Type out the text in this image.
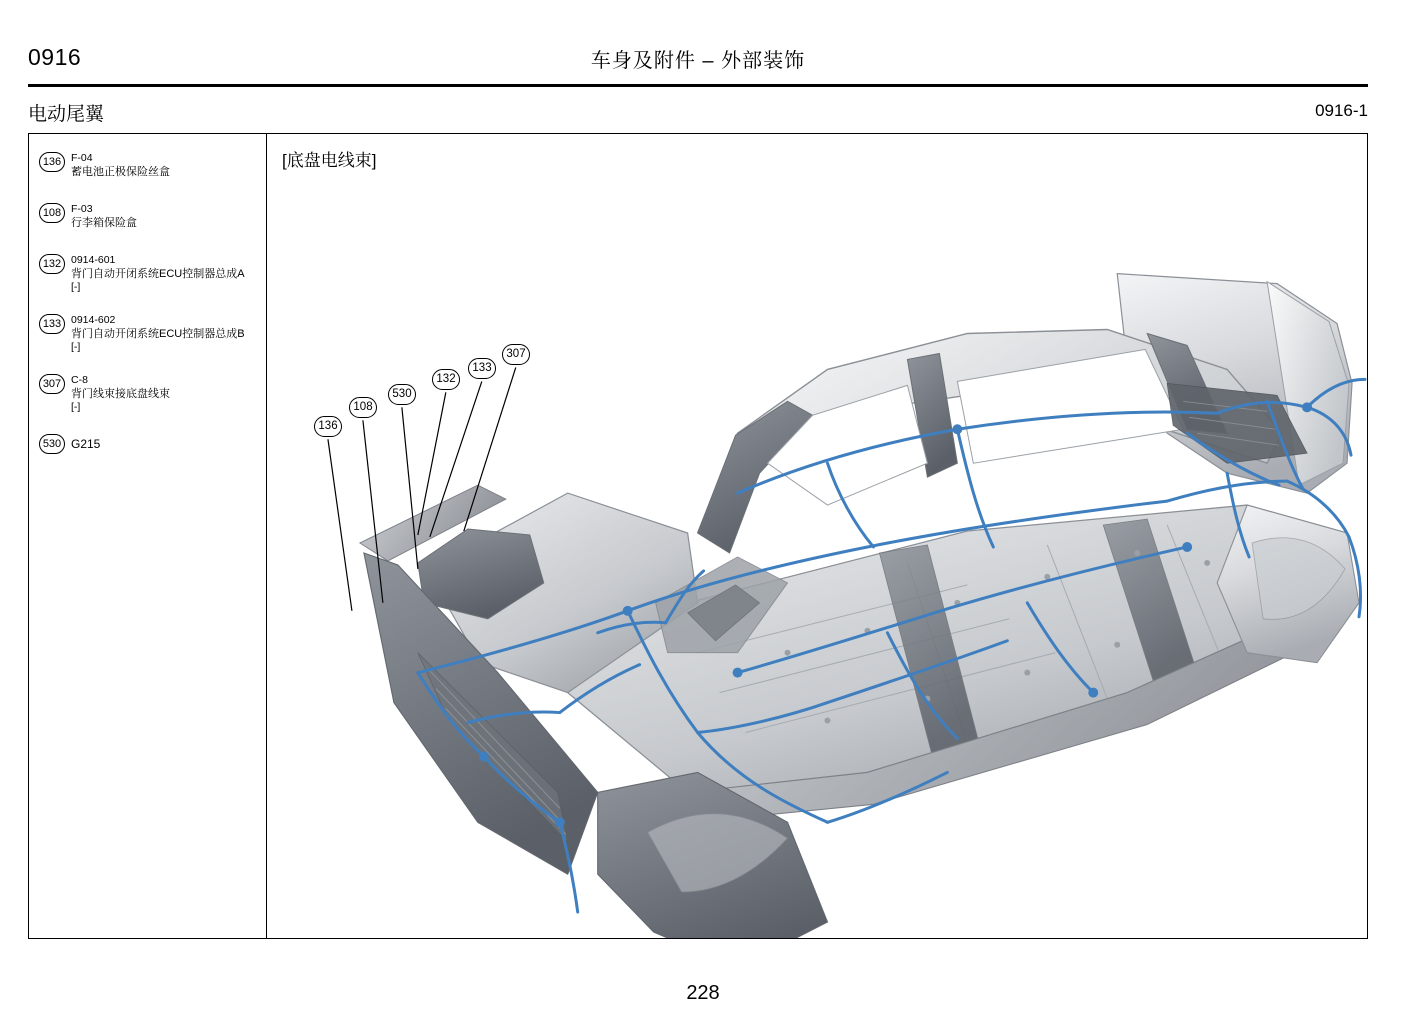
0916	车身及附件 – 外部装饰
电动尾翼	0916-1
136 F-04
蓄电池正极保险丝盒
108 F-03
行李箱保险盒
132 0914-601
背门自动开闭系统ECU控制器总成A
[-]
133 0914-602
背门自动开闭系统ECU控制器总成B
[-]
307 C-8
背门线束接底盘线束
[-]
530 G215
[底盘电线束]
136
108
530
132
133
307
228
